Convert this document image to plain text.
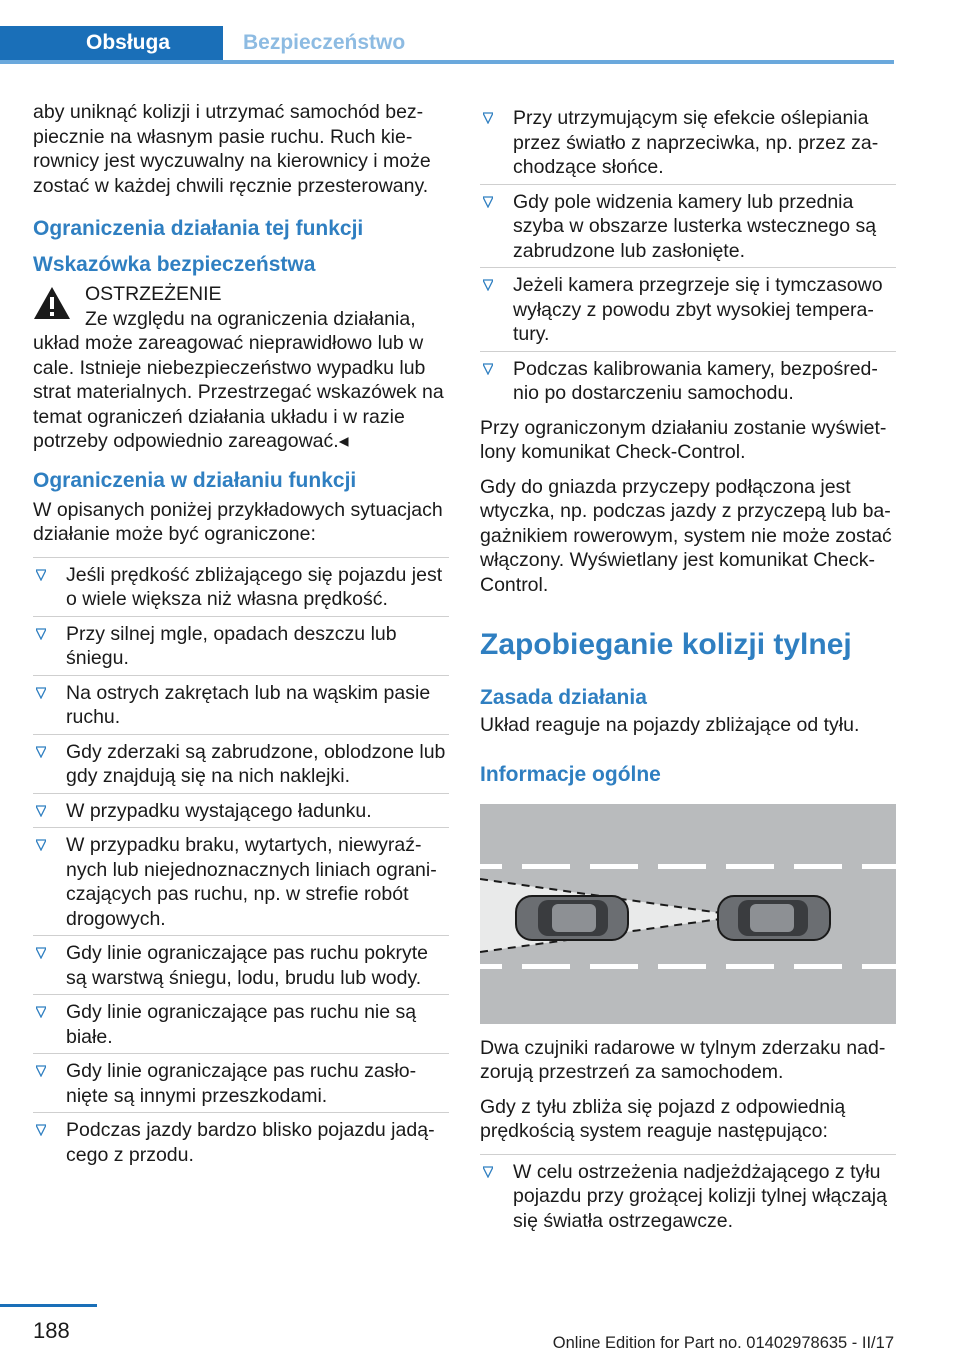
Obsługa	Bezpieczeństwo

aby uniknąć kolizji i utrzymać samochód bezpiecznie na własnym pasie ruchu. Ruch kierownicy jest wyczuwalny na kierownicy i może zostać w każdej chwili ręcznie przesterowany.

Ograniczenia działania tej funkcji
Wskazówka bezpieczeństwa
OSTRZEŻENIE
Ze względu na ograniczenia działania, układ może zareagować nieprawidłowo lub w cale. Istnieje niebezpieczeństwo wypadku lub strat materialnych. Przestrzegać wskazówek na temat ograniczeń działania układu i w razie potrzeby odpowiednio zareagować.◂
Ograniczenia w działaniu funkcji

W opisanych poniżej przykładowych sytuacjach działanie może być ograniczone:

Jeśli prędkość zbliżającego się pojazdu jest o wiele większa niż własna prędkość.
Przy silnej mgle, opadach deszczu lub śniegu.
Na ostrych zakrętach lub na wąskim pasie ruchu.
Gdy zderzaki są zabrudzone, oblodzone lub gdy znajdują się na nich naklejki.
W przypadku wystającego ładunku.
W przypadku braku, wytartych, niewyraźnych lub niejednoznacznych liniach ograniczających pas ruchu, np. w strefie robót drogowych.
Gdy linie ograniczające pas ruchu pokryte są warstwą śniegu, lodu, brudu lub wody.
Gdy linie ograniczające pas ruchu nie są białe.
Gdy linie ograniczające pas ruchu zasłonięte są innymi przeszkodami.
Podczas jazdy bardzo blisko pojazdu jadącego z przodu.
Przy utrzymującym się efekcie oślepiania przez światło z naprzeciwka, np. przez zachodzące słońce.
Gdy pole widzenia kamery lub przednia szyba w obszarze lusterka wstecznego są zabrudzone lub zasłonięte.
Jeżeli kamera przegrzeje się i tymczasowo wyłączy z powodu zbyt wysokiej temperatury.
Podczas kalibrowania kamery, bezpośrednio po dostarczeniu samochodu.

Przy ograniczonym działaniu zostanie wyświetlony komunikat Check-Control.

Gdy do gniazda przyczepy podłączona jest wtyczka, np. podczas jazdy z przyczepą lub bagażnikiem rowerowym, system nie może zostać włączony. Wyświetlany jest komunikat Check-Control.

Zapobieganie kolizji tylnej
Zasada działania

Układ reaguje na pojazdy zbliżające od tyłu.

Informacje ogólne

Dwa czujniki radarowe w tylnym zderzaku nadzorują przestrzeń za samochodem.

Gdy z tyłu zbliża się pojazd z odpowiednią prędkością system reaguje następująco:

W celu ostrzeżenia nadjeżdżającego z tyłu pojazdu przy grożącej kolizji tylnej włączają się światła ostrzegawcze.
188	Online Edition for Part no. 01402978635 - II/17
